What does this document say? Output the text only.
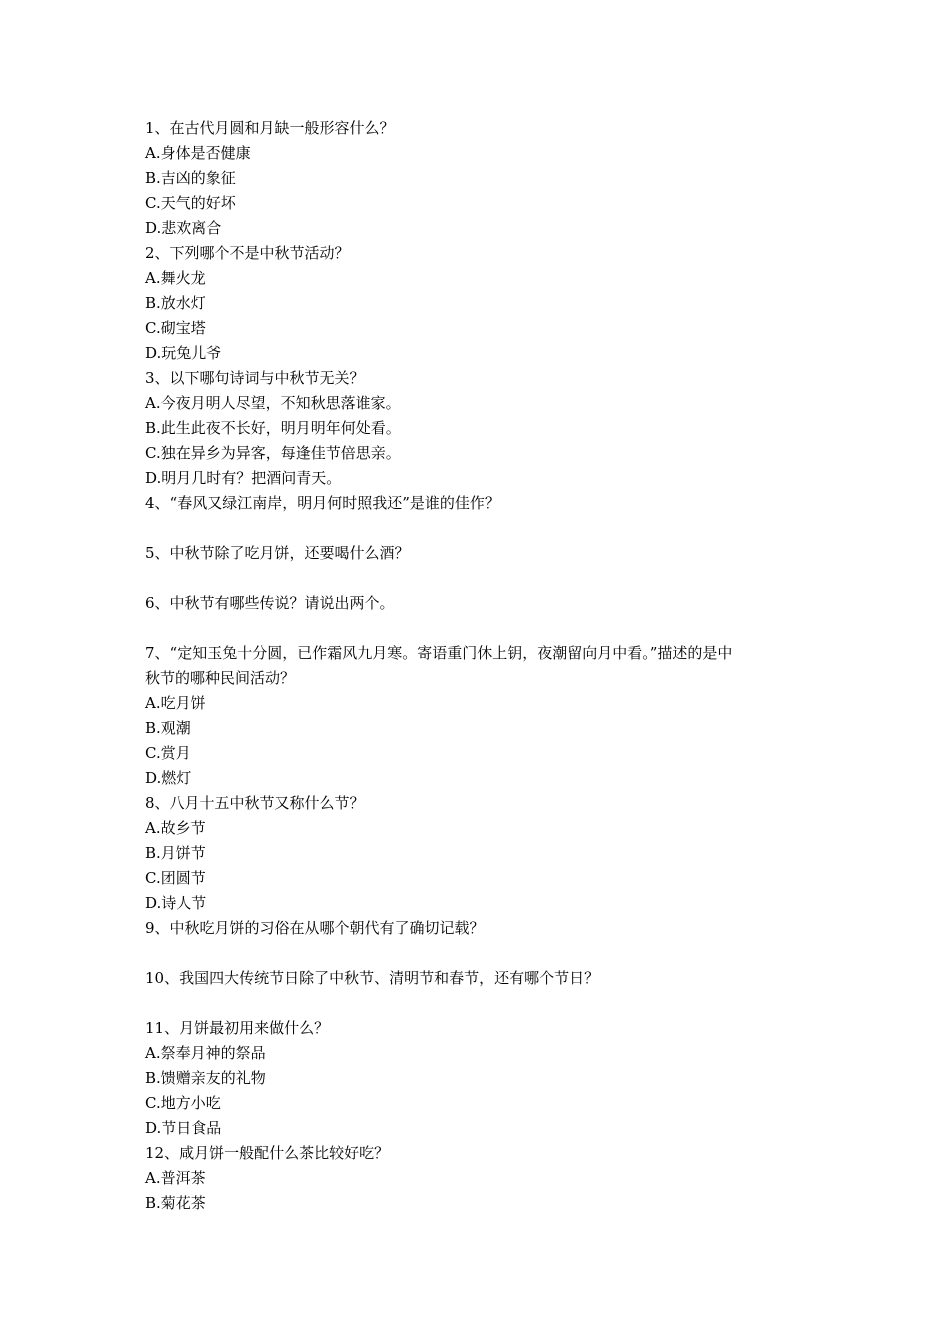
1、在古代月圆和月缺一般形容什么？
A.身体是否健康
B.吉凶的象征
C.天气的好坏
D.悲欢离合
2、下列哪个不是中秋节活动？
A.舞火龙
B.放水灯
C.砌宝塔
D.玩兔儿爷
3、以下哪句诗词与中秋节无关？
A.今夜月明人尽望，不知秋思落谁家。
B.此生此夜不长好，明月明年何处看。
C.独在异乡为异客，每逢佳节倍思亲。
D.明月几时有？把酒问青天。
4、“春风又绿江南岸，明月何时照我还”是谁的佳作？
5、中秋节除了吃月饼，还要喝什么酒？
6、中秋节有哪些传说？请说出两个。
7、“定知玉兔十分圆，已作霜风九月寒。寄语重门休上钥，夜潮留向月中看。”描述的是中
秋节的哪种民间活动？
A.吃月饼
B.观潮
C.赏月
D.燃灯
8、八月十五中秋节又称什么节？
A.故乡节
B.月饼节
C.团圆节
D.诗人节
9、中秋吃月饼的习俗在从哪个朝代有了确切记载？
10、我国四大传统节日除了中秋节、清明节和春节，还有哪个节日？
11、月饼最初用来做什么？
A.祭奉月神的祭品
B.馈赠亲友的礼物
C.地方小吃
D.节日食品
12、咸月饼一般配什么茶比较好吃？
A.普洱茶
B.菊花茶
